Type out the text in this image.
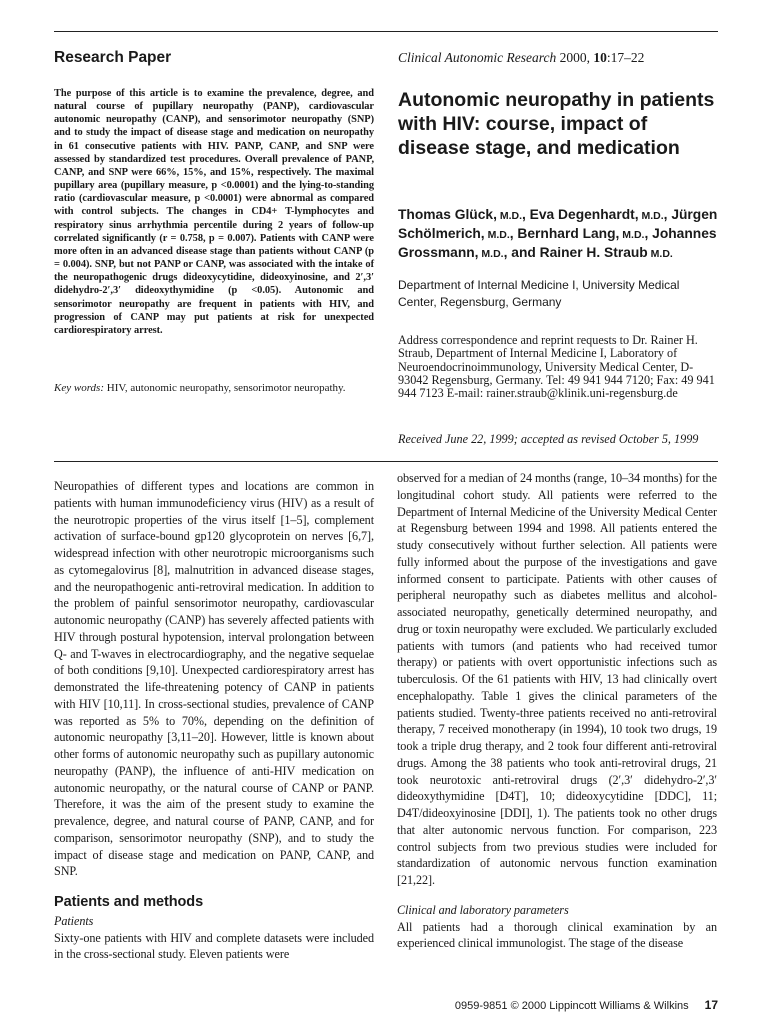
Research Paper	Clinical Autonomic Research 2000, 10:17–22
The purpose of this article is to examine the prevalence, degree, and natural course of pupillary neuropathy (PANP), cardiovascular autonomic neuropathy (CANP), and sensorimotor neuropathy (SNP) and to study the impact of disease stage and medication on neuropathy in 61 consecutive patients with HIV. PANP, CANP, and SNP were assessed by standardized test procedures. Overall prevalence of PANP, CANP, and SNP were 66%, 15%, and 15%, respectively. The maximal pupillary area (pupillary measure, p <0.0001) and the lying-to-standing ratio (cardiovascular measure, p <0.0001) were abnormal as compared with control subjects. The changes in CD4+ T-lymphocytes and respiratory sinus arrhythmia percentile during 2 years of follow-up correlated significantly (r = 0.758, p = 0.007). Patients with CANP were more often in an advanced disease stage than patients without CANP (p = 0.004). SNP, but not PANP or CANP, was associated with the intake of the neuropathogenic drugs dideoxycytidine, dideoxyinosine, and 2′,3′ didehydro-2′,3′ dideoxythymidine (p <0.05). Autonomic and sensorimotor neuropathy are frequent in patients with HIV, and progression of CANP may put patients at risk for unexpected cardiorespiratory arrest.
Key words: HIV, autonomic neuropathy, sensorimotor neuropathy.
Autonomic neuropathy in patients with HIV: course, impact of disease stage, and medication
Thomas Glück, M.D., Eva Degenhardt, M.D., Jürgen Schölmerich, M.D., Bernhard Lang, M.D., Johannes Grossmann, M.D., and Rainer H. Straub M.D.
Department of Internal Medicine I, University Medical Center, Regensburg, Germany
Address correspondence and reprint requests to Dr. Rainer H. Straub, Department of Internal Medicine I, Laboratory of Neuroendocrinoimmunology, University Medical Center, D-93042 Regensburg, Germany. Tel: 49 941 944 7120; Fax: 49 941 944 7123 E-mail: rainer.straub@klinik.uni-regensburg.de
Received June 22, 1999; accepted as revised October 5, 1999

Neuropathies of different types and locations are common in patients with human immunodeficiency virus (HIV) as a result of the neurotropic properties of the virus itself [1–5], complement activation of surface-bound gp120 glycoprotein on nerves [6,7], widespread infection with other neurotropic microorganisms such as cytomegalovirus [8], malnutrition in advanced disease stages, and the neuropathogenic anti-retroviral medication. In addition to the problem of painful sensorimotor neuropathy, cardiovascular autonomic neuropathy (CANP) has severely affected patients with HIV through postural hypotension, interval prolongation between Q- and T-waves in electrocardiography, and the negative sequelae of both conditions [9,10]. Unexpected cardiorespiratory arrest has demonstrated the life-threatening potency of CANP in patients with HIV [10,11]. In cross-sectional studies, prevalence of CANP was reported as 5% to 70%, depending on the definition of autonomic neuropathy [3,11–20]. However, little is known about other forms of autonomic neuropathy such as pupillary autonomic neuropathy (PANP), the influence of anti-HIV medication on autonomic neuropathy, or the natural course of CANP or PANP. Therefore, it was the aim of the present study to examine the prevalence, degree, and natural course of PANP, CANP, and for comparison, sensorimotor neuropathy (SNP), and to study the impact of disease stage and medication on PANP, CANP, and SNP.

Patients and methods
Patients

Sixty-one patients with HIV and complete datasets were included in the cross-sectional study. Eleven patients were

observed for a median of 24 months (range, 10–34 months) for the longitudinal cohort study. All patients were referred to the Department of Internal Medicine of the University Medical Center at Regensburg between 1994 and 1998. All patients entered the study consecutively without further selection. All patients were fully informed about the purpose of the investigations and gave informed consent to participate. Patients with other causes of peripheral neuropathy such as diabetes mellitus and alcohol-associated neuropathy, genetically determined neuropathy, and drug or toxin neuropathy were excluded. We particularly excluded patients with tumors (and patients who had received tumor therapy) or patients with overt opportunistic infections such as tuberculosis. Of the 61 patients with HIV, 13 had clinically overt encephalopathy. Table 1 gives the clinical parameters of the patients studied. Twenty-three patients received no anti-retroviral therapy, 7 received monotherapy (in 1994), 10 took two drugs, 19 took a triple drug therapy, and 2 took four different anti-retroviral drugs. Among the 38 patients who took anti-retroviral drugs, 21 took neurotoxic anti-retroviral drugs (2′,3′ didehydro-2′,3′ dideoxythymidine [D4T], 10; dideoxycytidine [DDC], 11; D4T/dideoxyinosine [DDI], 1). The patients took no other drugs that alter autonomic nervous function. For comparison, 223 control subjects from two previous studies were included for standardization of autonomic nervous function examination [21,22].

Clinical and laboratory parameters

All patients had a thorough clinical examination by an experienced clinical immunologist. The stage of the disease

0959-9851 © 2000 Lippincott Williams & Wilkins 17
